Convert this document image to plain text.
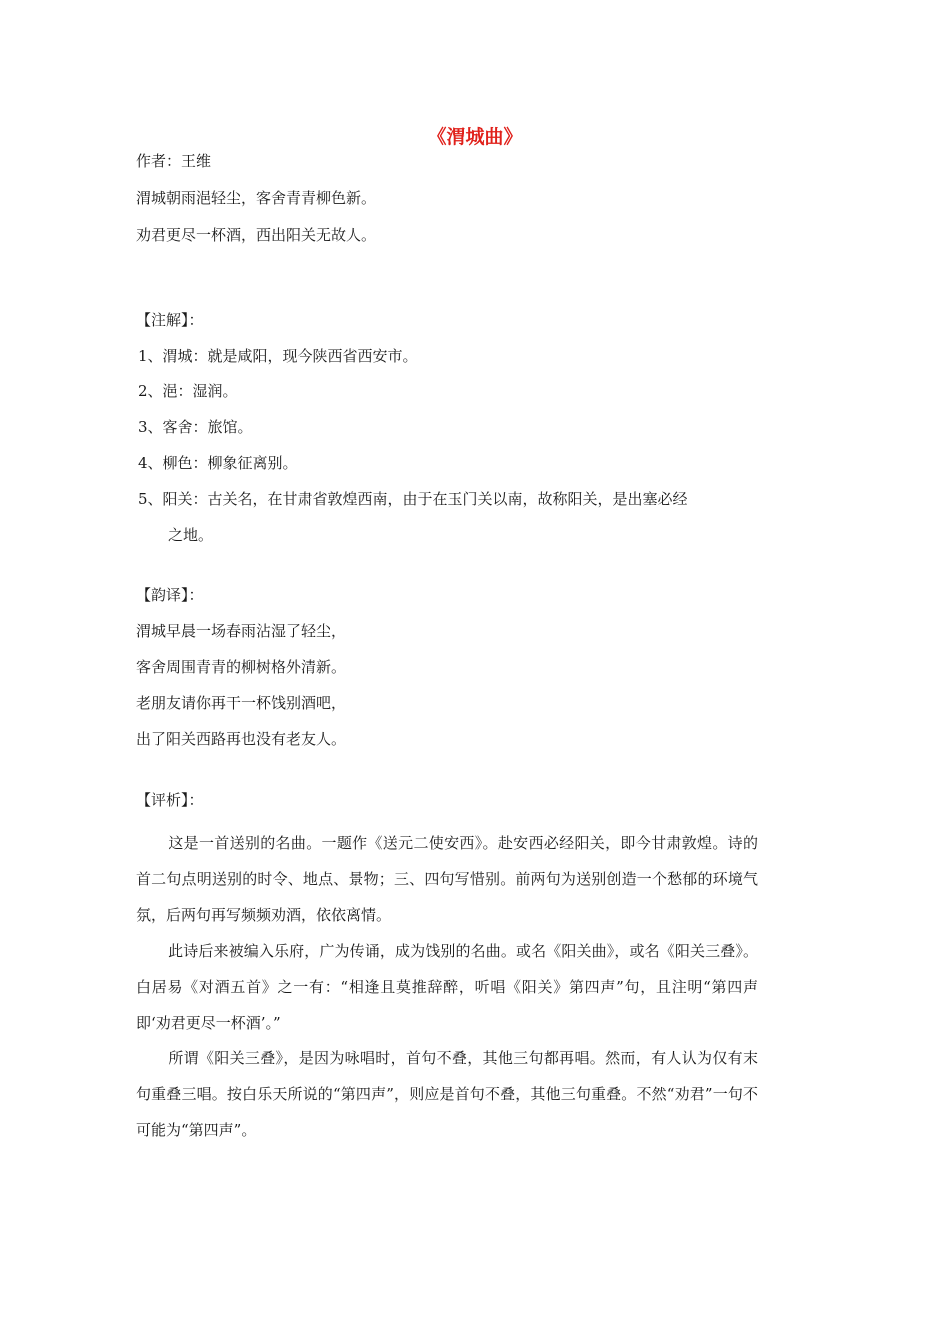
《渭城曲》
作者：王维
渭城朝雨浥轻尘，客舍青青柳色新。
劝君更尽一杯酒，西出阳关无故人。
【注解】：
1、渭城：就是咸阳，现今陕西省西安市。
2、浥：湿润。
3、客舍：旅馆。
4、柳色：柳象征离别。
5、阳关：古关名，在甘肃省敦煌西南，由于在玉门关以南，故称阳关，是出塞必经
之地。
【韵译】：
渭城早晨一场春雨沾湿了轻尘，
客舍周围青青的柳树格外清新。
老朋友请你再干一杯饯别酒吧，
出了阳关西路再也没有老友人。
【评析】：
这是一首送别的名曲。一题作《送元二使安西》。赴安西必经阳关，即今甘肃敦煌。诗的首二句点明送别的时令、地点、景物；三、四句写惜别。前两句为送别创造一个愁郁的环境气氛，后两句再写频频劝酒，依依离情。
此诗后来被编入乐府，广为传诵，成为饯别的名曲。或名《阳关曲》，或名《阳关三叠》。白居易《对酒五首》之一有：“相逢且莫推辞醉，听唱《阳关》第四声”句，且注明“第四声即‘劝君更尽一杯酒’。”
所谓《阳关三叠》，是因为咏唱时，首句不叠，其他三句都再唱。然而，有人认为仅有末句重叠三唱。按白乐天所说的“第四声”，则应是首句不叠，其他三句重叠。不然“劝君”一句不可能为“第四声”。
